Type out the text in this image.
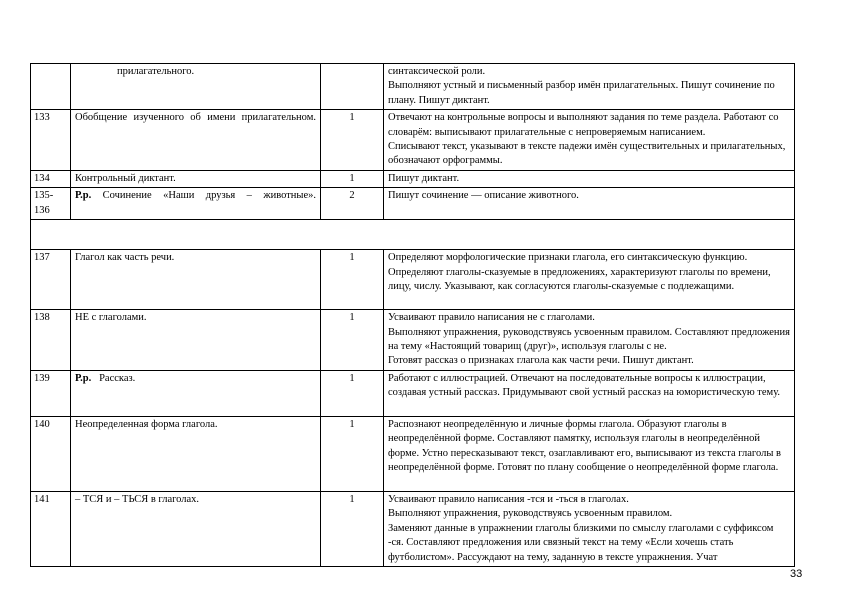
	прилагательного.		синтаксической роли.

Выполняют устный и письменный разбор имён прилагательных. Пишут сочинение по плану. Пишут диктант.

133	Обобщение изученного об имени прилагательном.	1	Отвечают на контрольные вопросы и выполняют задания по теме раздела. Работают со словарём: выписывают прилагательные с непроверяемым написанием.

Списывают текст, указывают в тексте падежи имён существительных и прилагательных, обозначают орфограммы.

134	Контрольный диктант.	1	Пишут диктант.

135-136	Р.р. Сочинение «Наши друзья – животные».	2	Пишут сочинение — описание животного.

137	Глагол как часть речи.	1	Определяют морфологические признаки глагола, его синтаксическую функцию.

Определяют глаголы-сказуемые в предложениях, характеризуют глаголы по времени, лицу, числу. Указывают, как согласуются глаголы-сказуемые с подлежащими.

138	НЕ с глаголами.	1	Усваивают правило написания не с глаголами.

Выполняют упражнения, руководствуясь усвоенным правилом. Составляют предложения на тему «Настоящий товарищ (друг)», используя глаголы с не.

Готовят рассказ о признаках глагола как части речи. Пишут диктант.

139	Р.р.   Рассказ.	1	Работают с иллюстрацией. Отвечают на последовательные вопросы к иллюстрации, создавая устный рассказ. Придумывают свой устный рассказ на юмористическую тему.

140	Неопределенная форма глагола.	1	Распознают неопределённую и личные формы глагола. Образуют глаголы в неопределённой форме. Составляют памятку, используя глаголы в неопределённой форме. Устно пересказывают текст, озаглавливают его, выписывают из текста глаголы в неопределённой форме. Готовят по плану сообщение о неопределённой форме глагола.

141	– ТСЯ и – ТЬСЯ в глаголах.	1	Усваивают правило написания -тся и -ться в глаголах.

Выполняют упражнения, руководствуясь усвоенным правилом.

Заменяют данные в упражнении глаголы близкими по смыслу глаголами с суффиксом -ся. Составляют предложения или связный текст на тему «Если хочешь стать футболистом». Рассуждают на тему, заданную в тексте упражнения. Учат

33
